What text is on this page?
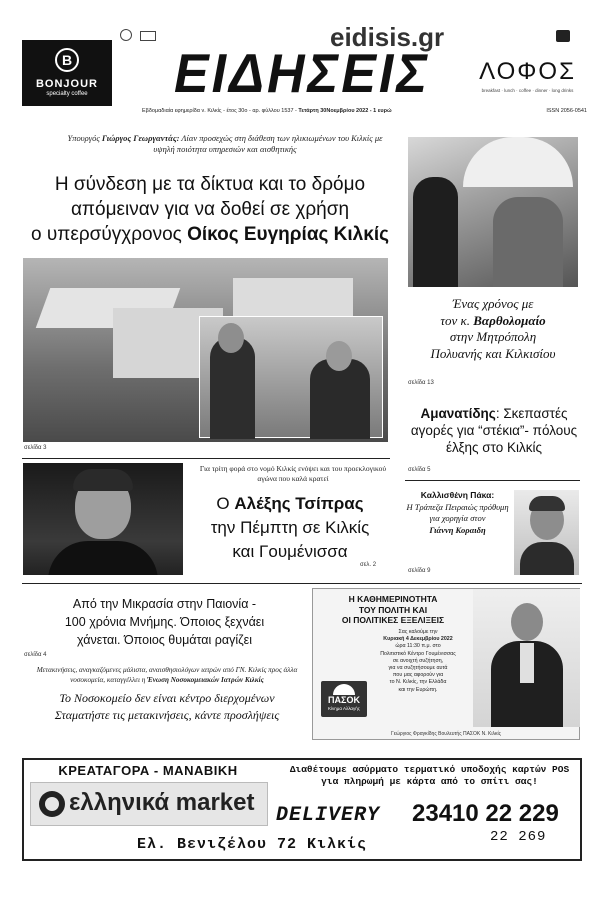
B
BONJOUR
specialty coffee
eidisis.gr

ΕΙΔΗΣΕΙΣ	ΛΟΦΟΣ
breakfast · lunch · coffee · dinner · long drinks
Εβδομαδιαία εφημερίδα ν. Κιλκίς - έτος 30ο - αρ. φύλλου 1537 - Τετάρτη 30Νοεμβρίου 2022 - 1 ευρώ	ISSN 2056-0541
Υπουργός Γιώργος Γεωργαντάς: Λίαν προσεχώς στη διάθεση των ηλικιωμένων του Κιλκίς με υψηλή ποιότητα υπηρεσιών και αισθητικής
Η σύνδεση με τα δίκτυα και το δρόμο
απόμειναν για να δοθεί σε χρήση
ο υπερσύγχρονος Οίκος Ευγηρίας Κιλκίς
σελίδα 3
Ένας χρόνος με
τον κ. Βαρθολομαίο
στην Μητρόπολη
Πολυανής και Κιλκισίου
σελίδα 13
Αμανατίδης: Σκεπαστές αγορές για “στέκια”- πόλους έλξης στο Κιλκίς
σελίδα 5
Για τρίτη φορά στο νομό Κιλκίς ενόψει και του προεκλογικού αγώνα που καλά κρατεί
Ο Αλέξης Τσίπρας
την Πέμπτη σε Κιλκίς
και Γουμένισσα
σελ. 2
Καλλισθένη Πάκα:
Η Τράπεζα Πειραιώς πρόθυμη για χορηγία στον
Γιάννη Κοραιδη
σελίδα 9
Από την Μικρασία στην Παιονία -
100 χρόνια Μνήμης. Όποιος ξεχνάει
χάνεται. Όποιος θυμάται ραγίζει
σελίδα 4
Μετακινήσεις, αναγκαζόμενες μάλιστα, αναισθησιολόγων ιατρών από ΓΝ. Κιλκίς προς άλλα νοσοκομεία, καταγγέλλει η Ένωση Νοσοκομειακών Ιατρών Κιλκίς
Το Νοσοκομείο δεν είναι κέντρο διερχομένων
Σταματήστε τις μετακινήσεις, κάντε προσλήψεις
Η ΚΑΘΗΜΕΡΙΝΟΤΗΤΑ
ΤΟΥ ΠΟΛΙΤΗ ΚΑΙ
ΟΙ ΠΟΛΙΤΙΚΕΣ ΕΞΕΛΙΞΕΙΣ
Σας καλούμε την
Κυριακή 4 Δεκεμβρίου 2022
ώρα 11:30 π.μ. στο
Πολιτιστικό Κέντρο Γουμένισσας
σε ανοιχτή συζήτηση,
για να συζητήσουμε αυτά
που μας αφορούν για
το Ν. Κιλκίς, την Ελλάδα
και την Ευρώπη.
ΠΑΣΟΚ
Κίνημα Αλλαγής
Γεώργιος Φραγκίδης Βουλευτής ΠΑΣΟΚ Ν. Κιλκίς
ΚΡΕΑΤΑΓΟΡΑ - ΜΑΝΑΒΙΚΗ
ελληνικά market
Διαθέτουμε ασύρματο τερματικό υποδοχής καρτών POS για πληρωμή με κάρτα από το σπίτι σας!
DELIVERY 23410 22 229
22 269
Ελ. Βενιζέλου 72 Κιλκίς
